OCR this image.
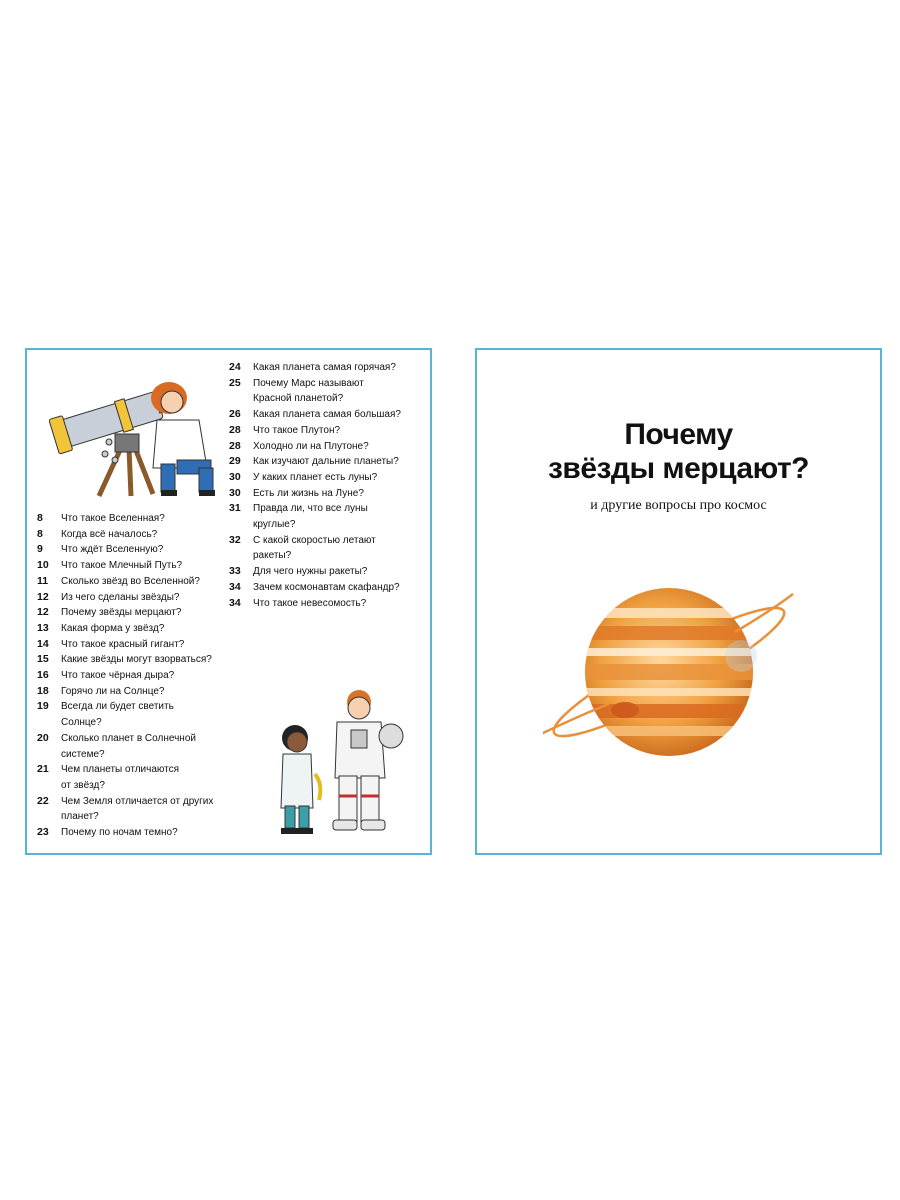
8	Что такое Вселенная?
8	Когда всё началось?
9	Что ждёт Вселенную?
10	Что такое Млечный Путь?
11	Сколько звёзд во Вселенной?
12	Из чего сделаны звёзды?
12	Почему звёзды мерцают?
13	Какая форма у звёзд?
14	Что такое красный гигант?
15	Какие звёзды могут взорваться?
16	Что такое чёрная дыра?
18	Горячо ли на Солнце?
19	Всегда ли будет светить
Солнце?
20	Сколько планет в Солнечной
системе?
21	Чем планеты отличаются
от звёзд?
22	Чем Земля отличается от других
планет?
23	Почему по ночам темно?
24	Какая планета самая горячая?
25	Почему Марс называют
Красной планетой?
26	Какая планета самая большая?
28	Что такое Плутон?
28	Холодно ли на Плутоне?
29	Как изучают дальние планеты?
30	У каких планет есть луны?
30	Есть ли жизнь на Луне?
31	Правда ли, что все луны
круглые?
32	С какой скоростью летают
ракеты?
33	Для чего нужны ракеты?
34	Зачем космонавтам скафандр?
34	Что такое невесомость?
Почему
звёзды мерцают?
и другие вопросы про космос
